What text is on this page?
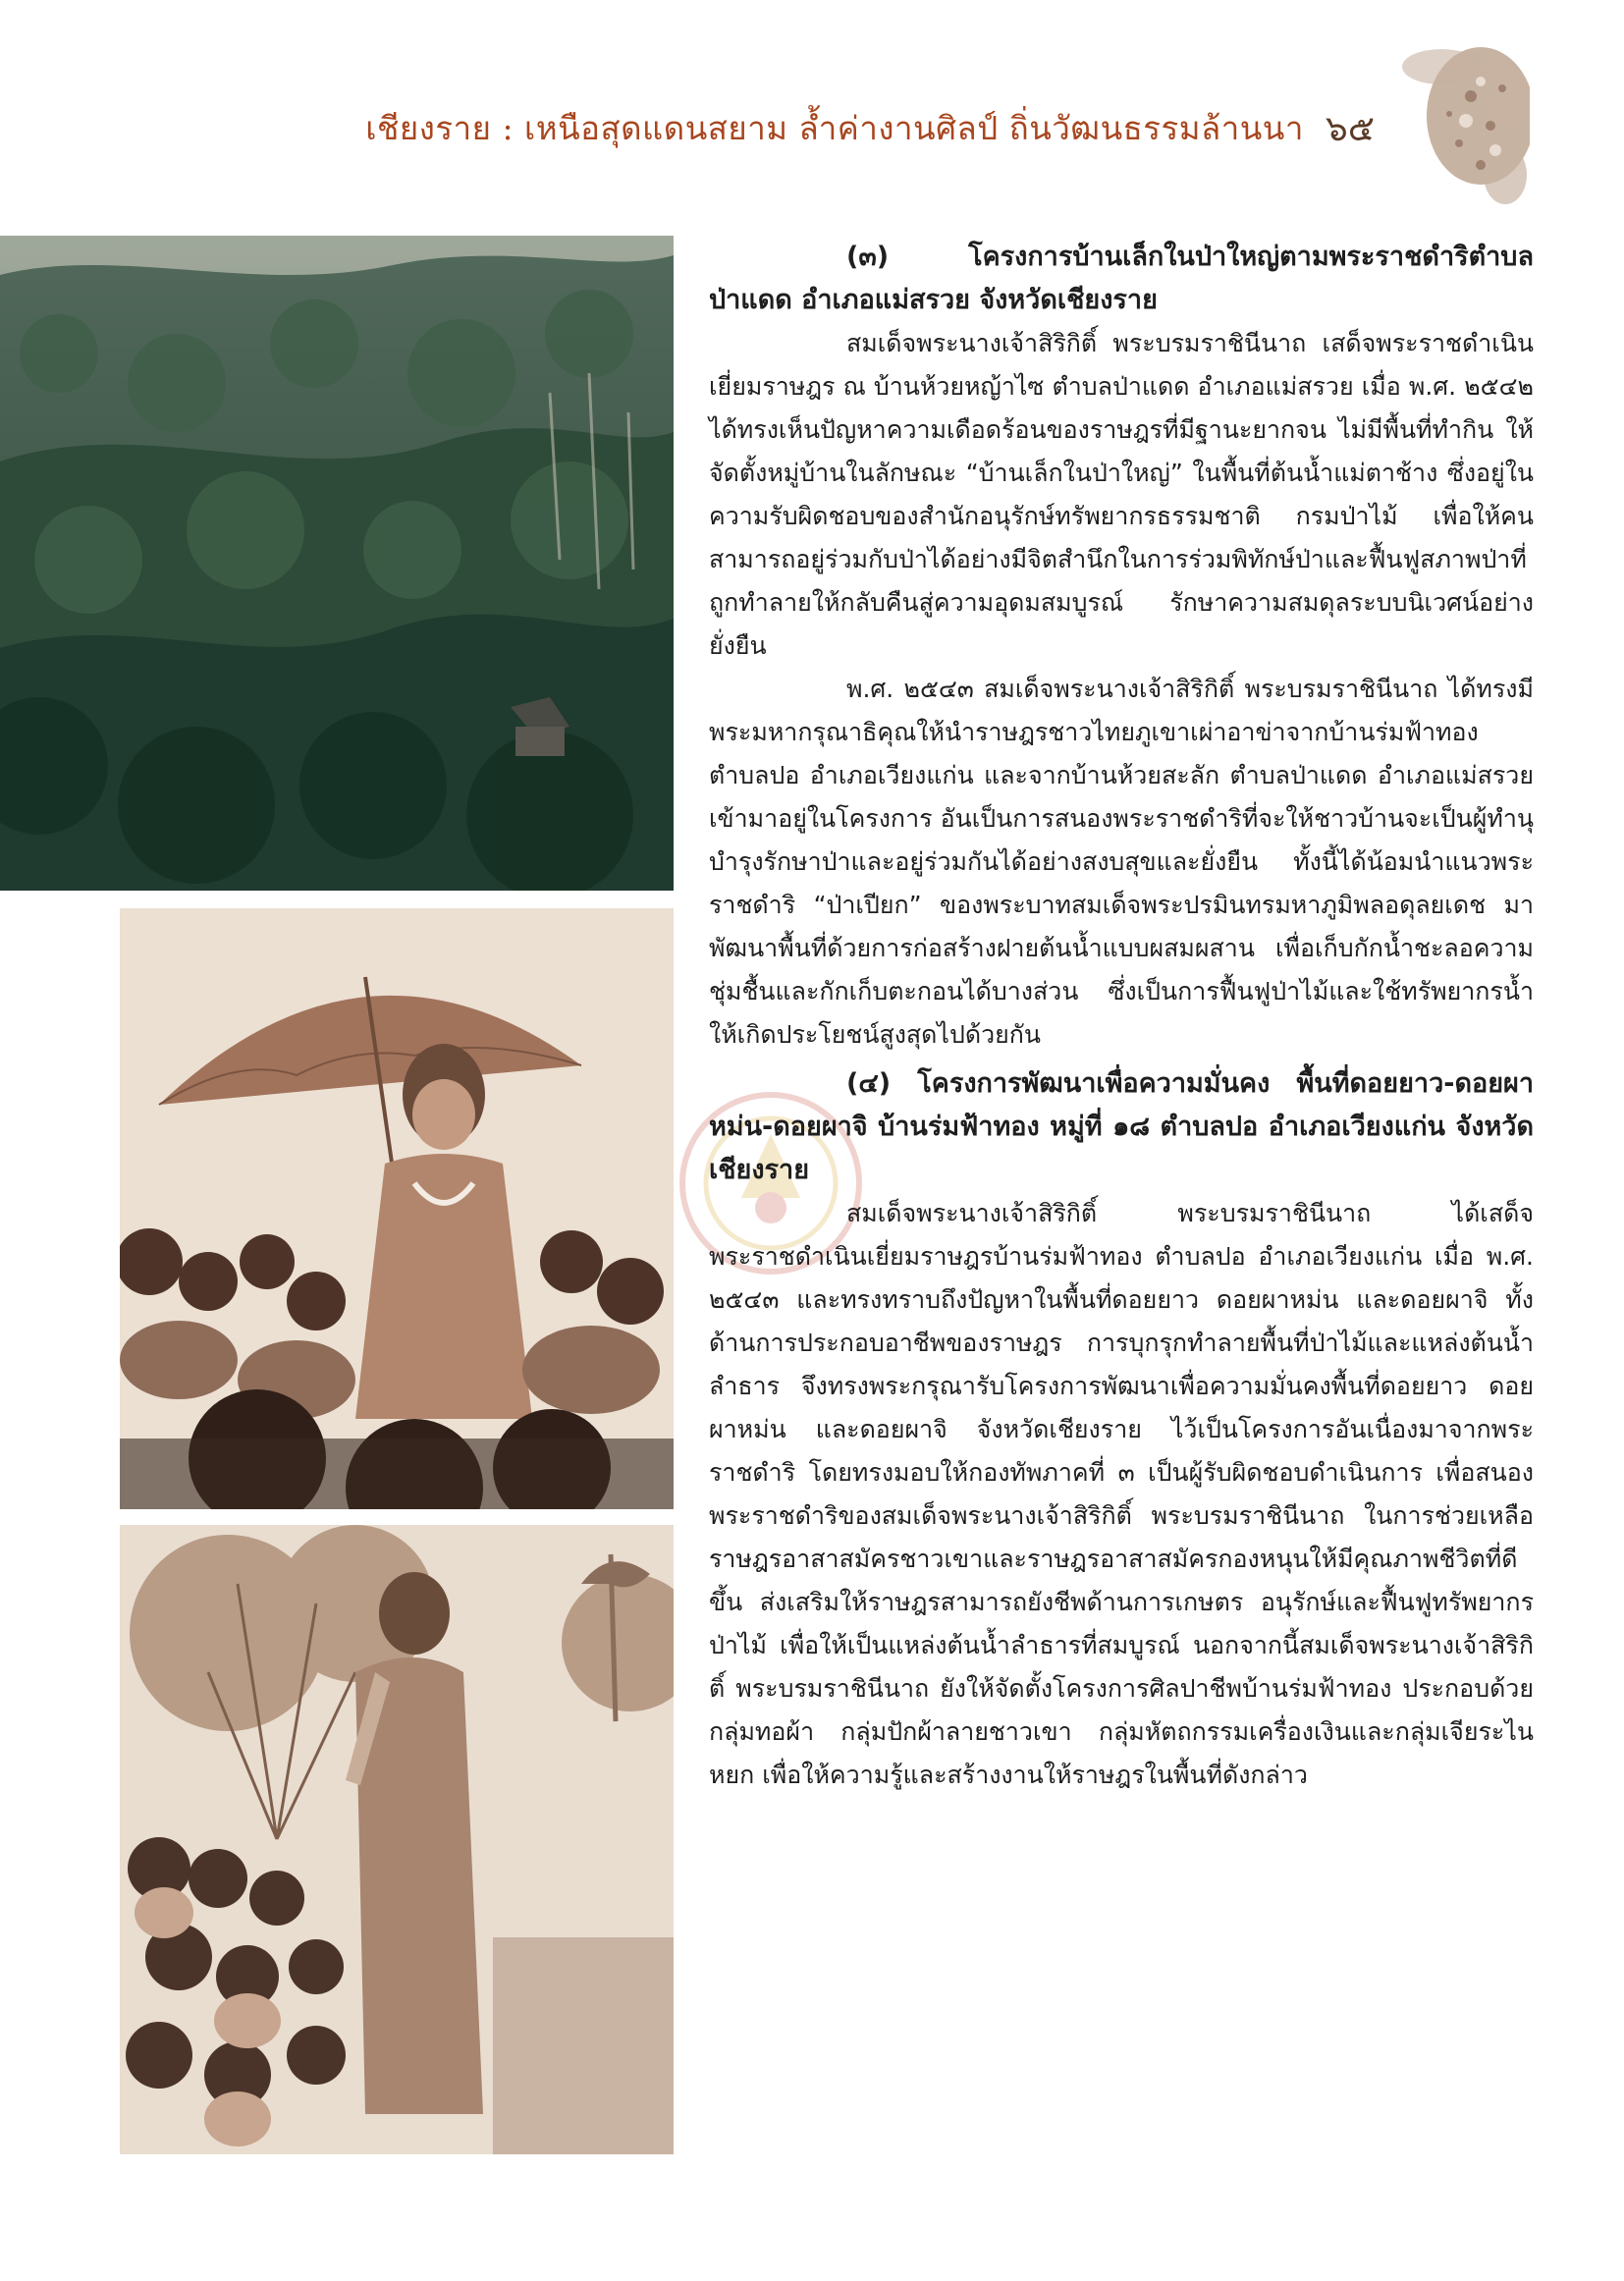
เชียงราย : เหนือสุดแดนสยาม ล้ำค่างานศิลป์ ถิ่นวัฒนธรรมล้านนา ๖๕

(๓) โครงการบ้านเล็กในป่าใหญ่ตามพระราชดำริตำบลป่าแดด อำเภอแม่สรวย จังหวัดเชียงราย

สมเด็จพระนางเจ้าสิริกิติ์ พระบรมราชินีนาถ เสด็จพระราชดำเนินเยี่ยมราษฎร ณ บ้านห้วยหญ้าไซ ตำบลป่าแดด อำเภอแม่สรวย เมื่อ พ.ศ. ๒๕๔๒ ได้ทรงเห็นปัญหาความเดือดร้อนของราษฎรที่มีฐานะยากจน ไม่มีพื้นที่ทำกิน ให้จัดตั้งหมู่บ้านในลักษณะ “บ้านเล็กในป่าใหญ่” ในพื้นที่ต้นน้ำแม่ตาช้าง ซึ่งอยู่ในความรับผิดชอบของสำนักอนุรักษ์ทรัพยากรธรรมชาติ กรมป่าไม้ เพื่อให้คนสามารถอยู่ร่วมกับป่าได้อย่างมีจิตสำนึกในการร่วมพิทักษ์ป่าและฟื้นฟูสภาพป่าที่ถูกทำลายให้กลับคืนสู่ความอุดมสมบูรณ์ รักษาความสมดุลระบบนิเวศน์อย่างยั่งยืน

พ.ศ. ๒๕๔๓ สมเด็จพระนางเจ้าสิริกิติ์ พระบรมราชินีนาถ ได้ทรงมีพระมหากรุณาธิคุณให้นำราษฎรชาวไทยภูเขาเผ่าอาข่าจากบ้านร่มฟ้าทอง ตำบลปอ อำเภอเวียงแก่น และจากบ้านห้วยสะลัก ตำบลป่าแดด อำเภอแม่สรวย เข้ามาอยู่ในโครงการ อันเป็นการสนองพระราชดำริที่จะให้ชาวบ้านจะเป็นผู้ทำนุบำรุงรักษาป่าและอยู่ร่วมกันได้อย่างสงบสุขและยั่งยืน ทั้งนี้ได้น้อมนำแนวพระราชดำริ “ป่าเปียก” ของพระบาทสมเด็จพระปรมินทรมหาภูมิพลอดุลยเดช มาพัฒนาพื้นที่ด้วยการก่อสร้างฝายต้นน้ำแบบผสมผสาน เพื่อเก็บกักน้ำชะลอความชุ่มชื้นและกักเก็บตะกอนได้บางส่วน ซึ่งเป็นการฟื้นฟูป่าไม้และใช้ทรัพยากรน้ำให้เกิดประโยชน์สูงสุดไปด้วยกัน

(๔) โครงการพัฒนาเพื่อความมั่นคง พื้นที่ดอยยาว-ดอยผาหม่น-ดอยผาจิ บ้านร่มฟ้าทอง หมู่ที่ ๑๘ ตำบลปอ อำเภอเวียงแก่น จังหวัดเชียงราย

สมเด็จพระนางเจ้าสิริกิติ์ พระบรมราชินีนาถ ได้เสด็จพระราชดำเนินเยี่ยมราษฎรบ้านร่มฟ้าทอง ตำบลปอ อำเภอเวียงแก่น เมื่อ พ.ศ. ๒๕๔๓ และทรงทราบถึงปัญหาในพื้นที่ดอยยาว ดอยผาหม่น และดอยผาจิ ทั้งด้านการประกอบอาชีพของราษฎร การบุกรุกทำลายพื้นที่ป่าไม้และแหล่งต้นน้ำลำธาร จึงทรงพระกรุณารับโครงการพัฒนาเพื่อความมั่นคงพื้นที่ดอยยาว ดอยผาหม่น และดอยผาจิ จังหวัดเชียงราย ไว้เป็นโครงการอันเนื่องมาจากพระราชดำริ โดยทรงมอบให้กองทัพภาคที่ ๓ เป็นผู้รับผิดชอบดำเนินการ เพื่อสนองพระราชดำริของสมเด็จพระนางเจ้าสิริกิติ์ พระบรมราชินีนาถ ในการช่วยเหลือราษฎรอาสาสมัครชาวเขาและราษฎรอาสาสมัครกองหนุนให้มีคุณภาพชีวิตที่ดีขึ้น ส่งเสริมให้ราษฎรสามารถยังชีพด้านการเกษตร อนุรักษ์และฟื้นฟูทรัพยากรป่าไม้ เพื่อให้เป็นแหล่งต้นน้ำลำธารที่สมบูรณ์ นอกจากนี้สมเด็จพระนางเจ้าสิริกิติ์ พระบรมราชินีนาถ ยังให้จัดตั้งโครงการศิลปาชีพบ้านร่มฟ้าทอง ประกอบด้วยกลุ่มทอผ้า กลุ่มปักผ้าลายชาวเขา กลุ่มหัตถกรรมเครื่องเงินและกลุ่มเจียระไนหยก เพื่อให้ความรู้และสร้างงานให้ราษฎรในพื้นที่ดังกล่าว
